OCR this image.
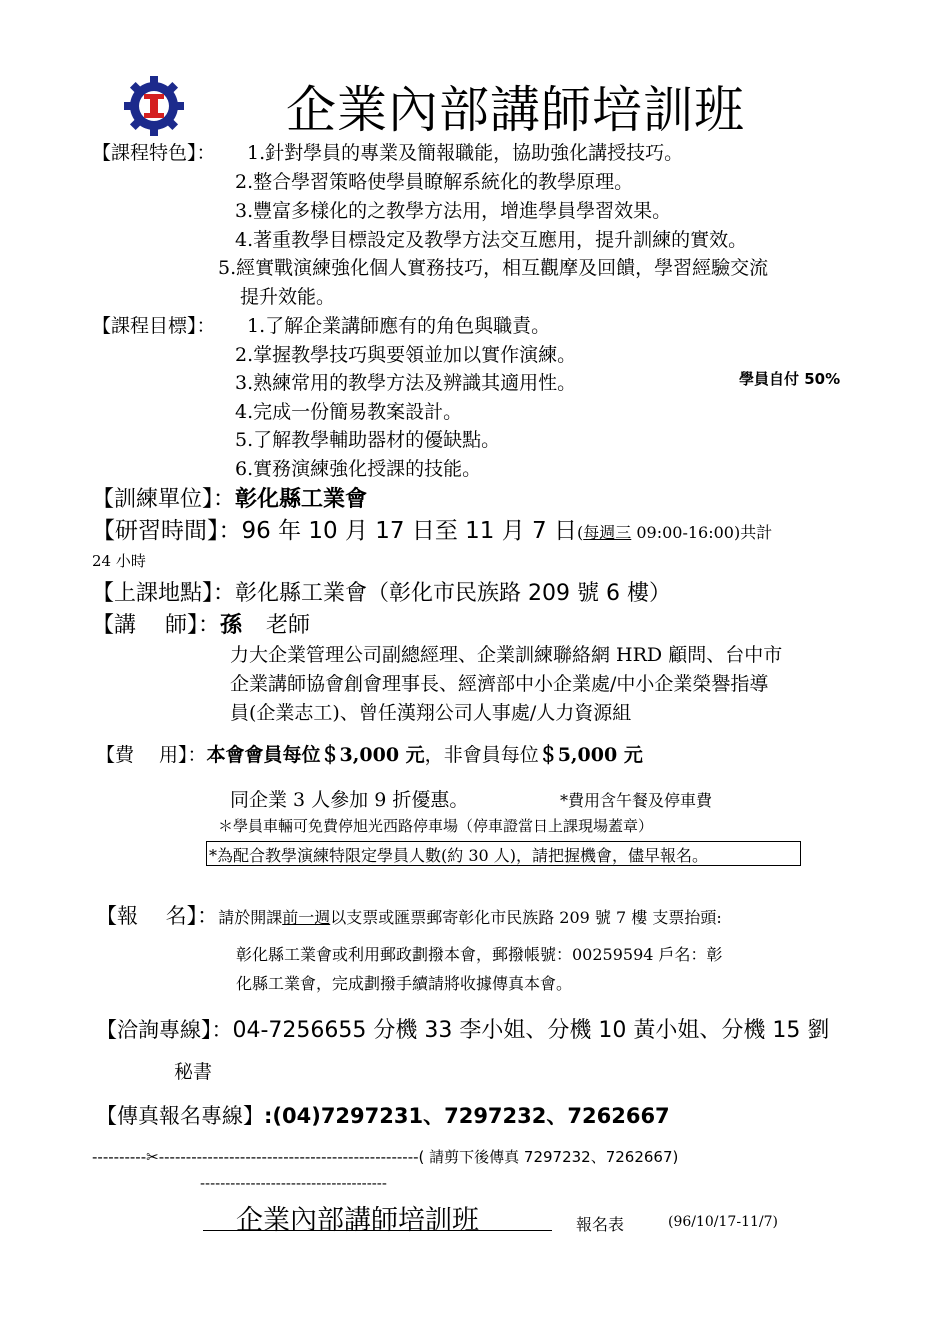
企業內部講師培訓班
【課程特色】： 1.針對學員的專業及簡報職能，協助強化講授技巧。
2.整合學習策略使學員瞭解系統化的教學原理。
3.豐富多樣化的之教學方法用，增進學員學習效果。
4.著重教學目標設定及教學方法交互應用，提升訓練的實效。
5.經實戰演練強化個人實務技巧，相互觀摩及回饋，學習經驗交流
提升效能。
【課程目標】： 1.了解企業講師應有的角色與職責。
2.掌握教學技巧與要領並加以實作演練。
3.熟練常用的教學方法及辨識其適用性。	學員自付 50%
4.完成一份簡易教案設計。
5.了解教學輔助器材的優缺點。
6.實務演練強化授課的技能。
【訓練單位】：彰化縣工業會
【研習時間】：96 年 10 月 17 日至 11 月 7 日(每週三 09:00-16:00)共計
24 小時
【上課地點】：彰化縣工業會（彰化市民族路 209 號 6 樓）
【講　 師】：孫 老師
力大企業管理公司副總經理、企業訓練聯絡網 HRD 顧問、台中市
企業講師協會創會理事長、經濟部中小企業處/中小企業榮譽指導
員(企業志工)、曾任漢翔公司人事處/人力資源組
【費　 用】：本會會員每位＄3,000 元，非會員每位＄5,000 元
同企業 3 人參加 9 折優惠。	*費用含午餐及停車費
＊學員車輛可免費停旭光西路停車場（停車證當日上課現場蓋章）
*為配合教學演練特限定學員人數(約 30 人)，請把握機會，儘早報名。
【報　 名】：請於開課前一週以支票或匯票郵寄彰化市民族路 209 號 7 樓 支票抬頭:
彰化縣工業會或利用郵政劃撥本會，郵撥帳號：00259594 戶名：彰
化縣工業會，完成劃撥手續請將收據傳真本會。
【洽詢專線】：04-7256655 分機 33 李小姐、分機 10 黃小姐、分機 15 劉
秘書
【傳真報名專線】:(04)7297231、7297232、7262667
----------✂------------------------------------------------( 請剪下後傳真 7297232、7262667)
-------------------------------------
企業內部講師培訓班	報名表	(96/10/17-11/7)
